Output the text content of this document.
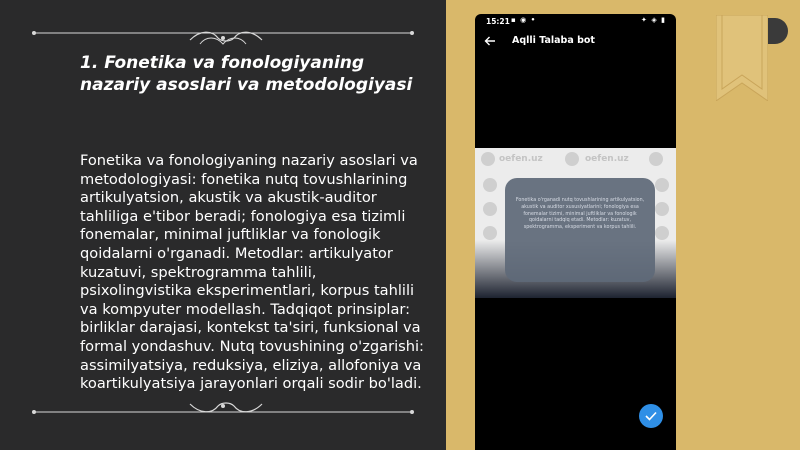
1. Fonetika va fonologiyaning nazariy asoslari va metodologiyasi
Fonetika va fonologiyaning nazariy asoslari va metodologiyasi: fonetika nutq tovushlarining artikulyatsion, akustik va akustik-auditor tahliliga e'tibor beradi; fonologiya esa tizimli fonemalar, minimal juftliklar va fonologik qoidalarni o'rganadi. Metodlar: artikulyator kuzatuvi, spektrogramma tahlili, psixolingvistika eksperimentlari, korpus tahlili va kompyuter modellash. Tadqiqot prinsiplar: birliklar darajasi, kontekst ta'siri, funksional va formal yondashuv. Nutq tovushining o'zgarishi: assimilyatsiya, reduksiya, eliziya, allofoniya va koartikulyatsiya jarayonlari orqali sodir bo'ladi.
15:21 ▪ ◉ •	✦ ◈ ▮
Aqlli Talaba bot
oefen.uz	oefen.uz
Fonetika o'rganadi nutq tovushlarining artikulyatsion, akustik va auditor xususiyatlarini; fonologiya esa fonemalar tizimi, minimal juftliklar va fonologik qoidalarni tadqiq etadi. Metodlar: kuzatuv, spektrogramma, eksperiment va korpus tahlili.
